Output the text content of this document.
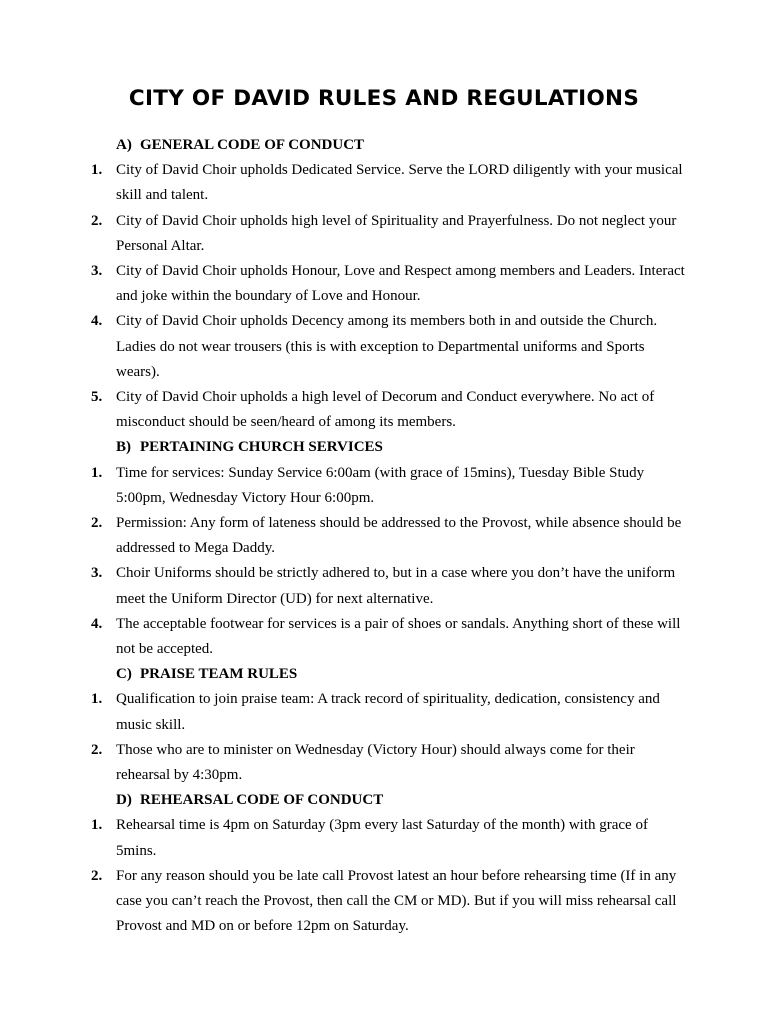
CITY OF DAVID RULES AND REGULATIONS
A) GENERAL CODE OF CONDUCT
1. City of David Choir upholds Dedicated Service. Serve the LORD diligently with your musical skill and talent.
2. City of David Choir upholds high level of Spirituality and Prayerfulness. Do not neglect your Personal Altar.
3. City of David Choir upholds Honour, Love and Respect among members and Leaders. Interact and joke within the boundary of Love and Honour.
4. City of David Choir upholds Decency among its members both in and outside the Church. Ladies do not wear trousers (this is with exception to Departmental uniforms and Sports wears).
5. City of David Choir upholds a high level of Decorum and Conduct everywhere. No act of misconduct should be seen/heard of among its members.
B) PERTAINING CHURCH SERVICES
1. Time for services: Sunday Service 6:00am (with grace of 15mins), Tuesday Bible Study 5:00pm, Wednesday Victory Hour 6:00pm.
2. Permission: Any form of lateness should be addressed to the Provost, while absence should be addressed to Mega Daddy.
3. Choir Uniforms should be strictly adhered to, but in a case where you don’t have the uniform meet the Uniform Director (UD) for next alternative.
4. The acceptable footwear for services is a pair of shoes or sandals. Anything short of these will not be accepted.
C) PRAISE TEAM RULES
1. Qualification to join praise team: A track record of spirituality, dedication, consistency and music skill.
2. Those who are to minister on Wednesday (Victory Hour) should always come for their rehearsal by 4:30pm.
D) REHEARSAL CODE OF CONDUCT
1. Rehearsal time is 4pm on Saturday (3pm every last Saturday of the month) with grace of 5mins.
2. For any reason should you be late call Provost latest an hour before rehearsing time (If in any case you can’t reach the Provost, then call the CM or MD). But if you will miss rehearsal call Provost and MD on or before 12pm on Saturday.
